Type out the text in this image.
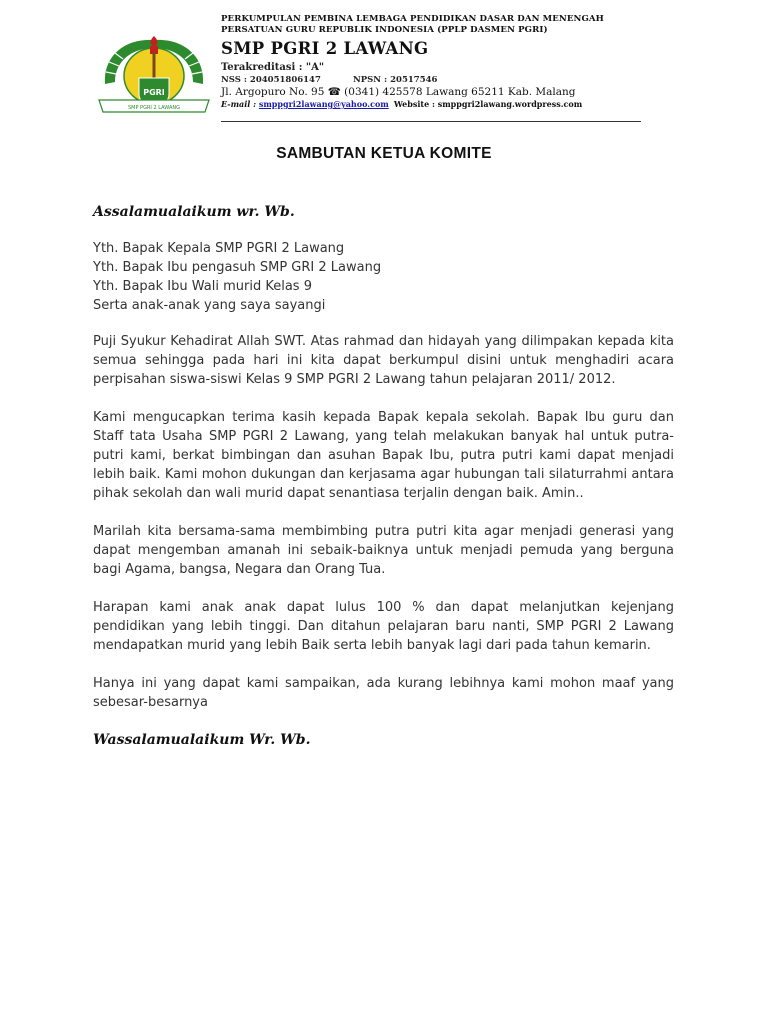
PGRI
SMP PGRI 2 LAWANG
PERKUMPULAN PEMBINA LEMBAGA PENDIDIKAN DASAR DAN MENENGAH
PERSATUAN GURU REPUBLIK INDONESIA (PPLP DASMEN PGRI)
SMP PGRI 2 LAWANG
Terakreditasi : "A"
NSS : 204051806147	NPSN : 20517546
Jl. Argopuro No. 95 ☎ (0341) 425578 Lawang 65211 Kab. Malang
E-mail : smppgri2lawang@yahoo.com Website : smppgri2lawang.wordpress.com
SAMBUTAN KETUA KOMITE

Assalamualaikum wr. Wb.

Yth. Bapak Kepala SMP PGRI 2 Lawang
Yth. Bapak Ibu pengasuh SMP GRI 2 Lawang
Yth. Bapak Ibu Wali murid Kelas 9
Serta anak-anak yang saya sayangi

Puji Syukur Kehadirat Allah SWT. Atas rahmad dan hidayah yang dilimpakan kepada kita semua sehingga pada hari ini kita dapat berkumpul disini untuk menghadiri acara perpisahan siswa-siswi Kelas 9 SMP PGRI 2 Lawang tahun pelajaran 2011/ 2012.

Kami mengucapkan terima kasih kepada Bapak kepala sekolah. Bapak Ibu guru dan Staff tata Usaha SMP PGRI 2 Lawang, yang telah melakukan banyak hal untuk putra-putri kami, berkat bimbingan dan asuhan Bapak Ibu, putra putri kami dapat menjadi lebih baik. Kami mohon dukungan dan kerjasama agar hubungan tali silaturrahmi antara pihak sekolah dan wali murid dapat senantiasa terjalin dengan baik. Amin..

Marilah kita bersama-sama membimbing putra putri kita agar menjadi generasi yang dapat mengemban amanah ini sebaik-baiknya untuk menjadi pemuda yang berguna bagi Agama, bangsa, Negara dan Orang Tua.

Harapan kami anak anak dapat lulus 100 % dan dapat melanjutkan kejenjang pendidikan yang lebih tinggi. Dan ditahun pelajaran baru nanti, SMP PGRI 2 Lawang mendapatkan murid yang lebih Baik serta lebih banyak lagi dari pada tahun kemarin.

Hanya ini yang dapat kami sampaikan, ada kurang lebihnya kami mohon maaf yang sebesar-besarnya

Wassalamualaikum Wr. Wb.
